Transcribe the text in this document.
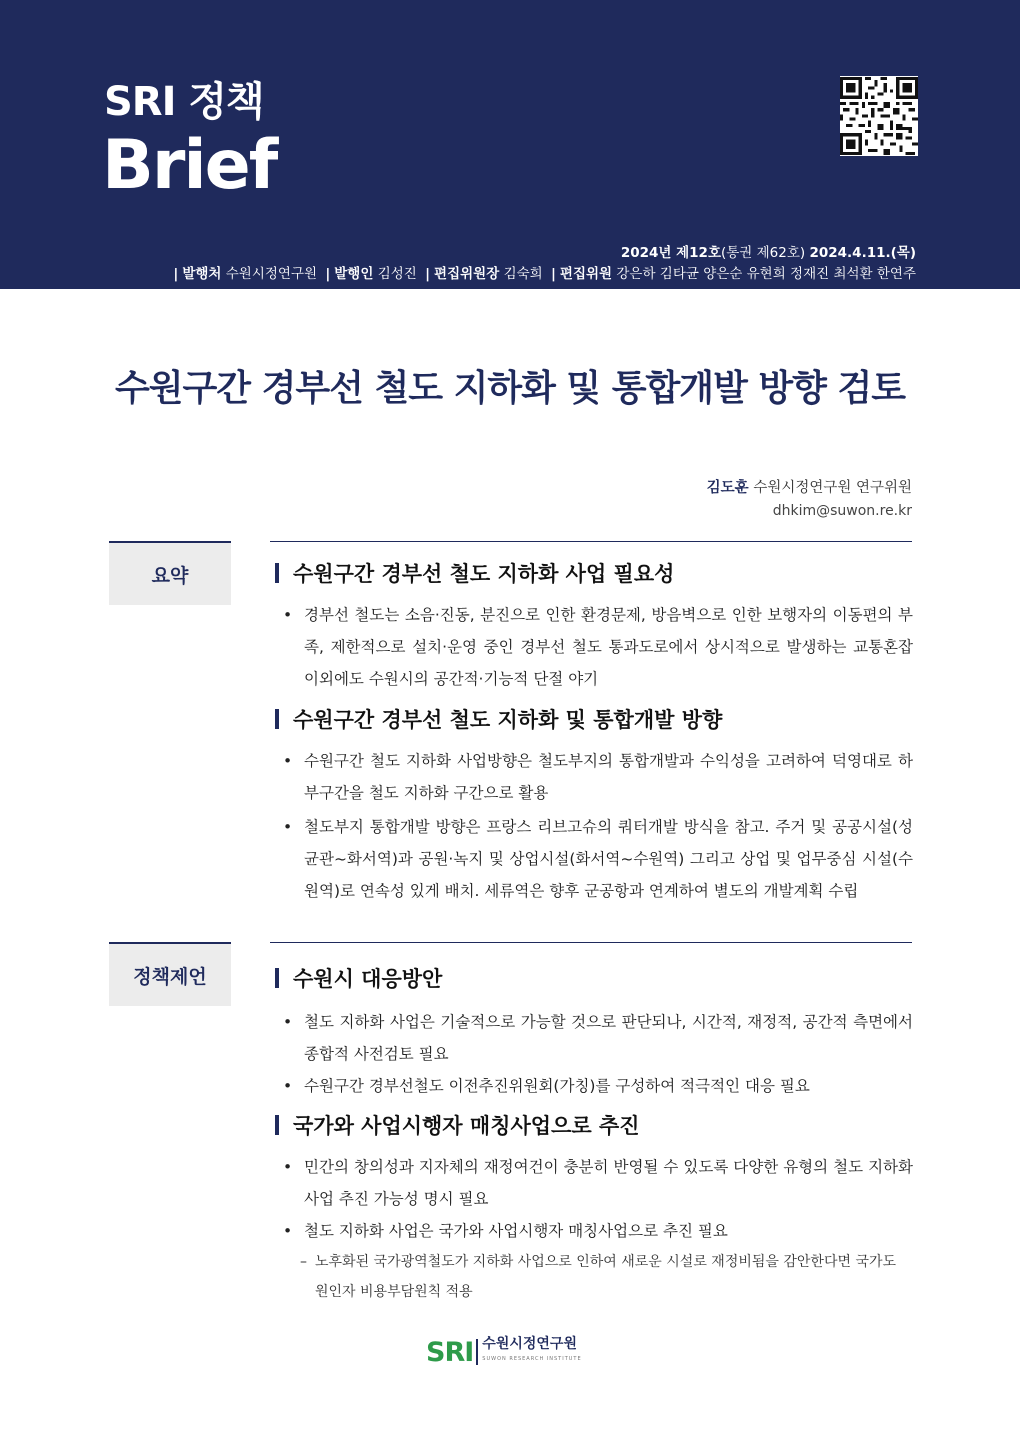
SRI 정책
Brief
2024년 제12호(통권 제62호) 2024.4.11.(목)
| 발행처 수원시정연구원 | 발행인 김성진 | 편집위원장 김숙희 | 편집위원 강은하 김타균 양은순 유현희 정재진 최석환 한연주
수원구간 경부선 철도 지하화 및 통합개발 방향 검토
김도훈 수원시정연구원 연구위원
dhkim@suwon.re.kr
요약	수원구간 경부선 철도 지하화 사업 필요성
• 경부선 철도는 소음·진동, 분진으로 인한 환경문제, 방음벽으로 인한 보행자의 이동편의 부족, 제한적으로 설치·운영 중인 경부선 철도 통과도로에서 상시적으로 발생하는 교통혼잡 이외에도 수원시의 공간적·기능적 단절 야기
수원구간 경부선 철도 지하화 및 통합개발 방향
• 수원구간 철도 지하화 사업방향은 철도부지의 통합개발과 수익성을 고려하여 덕영대로 하부구간을 철도 지하화 구간으로 활용
• 철도부지 통합개발 방향은 프랑스 리브고슈의 쿼터개발 방식을 참고. 주거 및 공공시설(성균관~화서역)과 공원·녹지 및 상업시설(화서역~수원역) 그리고 상업 및 업무중심 시설(수원역)로 연속성 있게 배치. 세류역은 향후 군공항과 연계하여 별도의 개발계획 수립
정책제언	수원시 대응방안
• 철도 지하화 사업은 기술적으로 가능할 것으로 판단되나, 시간적, 재정적, 공간적 측면에서 종합적 사전검토 필요
• 수원구간 경부선철도 이전추진위원회(가칭)를 구성하여 적극적인 대응 필요
국가와 사업시행자 매칭사업으로 추진
• 민간의 창의성과 지자체의 재정여건이 충분히 반영될 수 있도록 다양한 유형의 철도 지하화 사업 추진 가능성 명시 필요
• 철도 지하화 사업은 국가와 사업시행자 매칭사업으로 추진 필요
– 노후화된 국가광역철도가 지하화 사업으로 인하여 새로운 시설로 재정비됨을 감안한다면 국가도 원인자 비용부담원칙 적용
SRI 수원시정연구원
SUWON RESEARCH INSTITUTE
